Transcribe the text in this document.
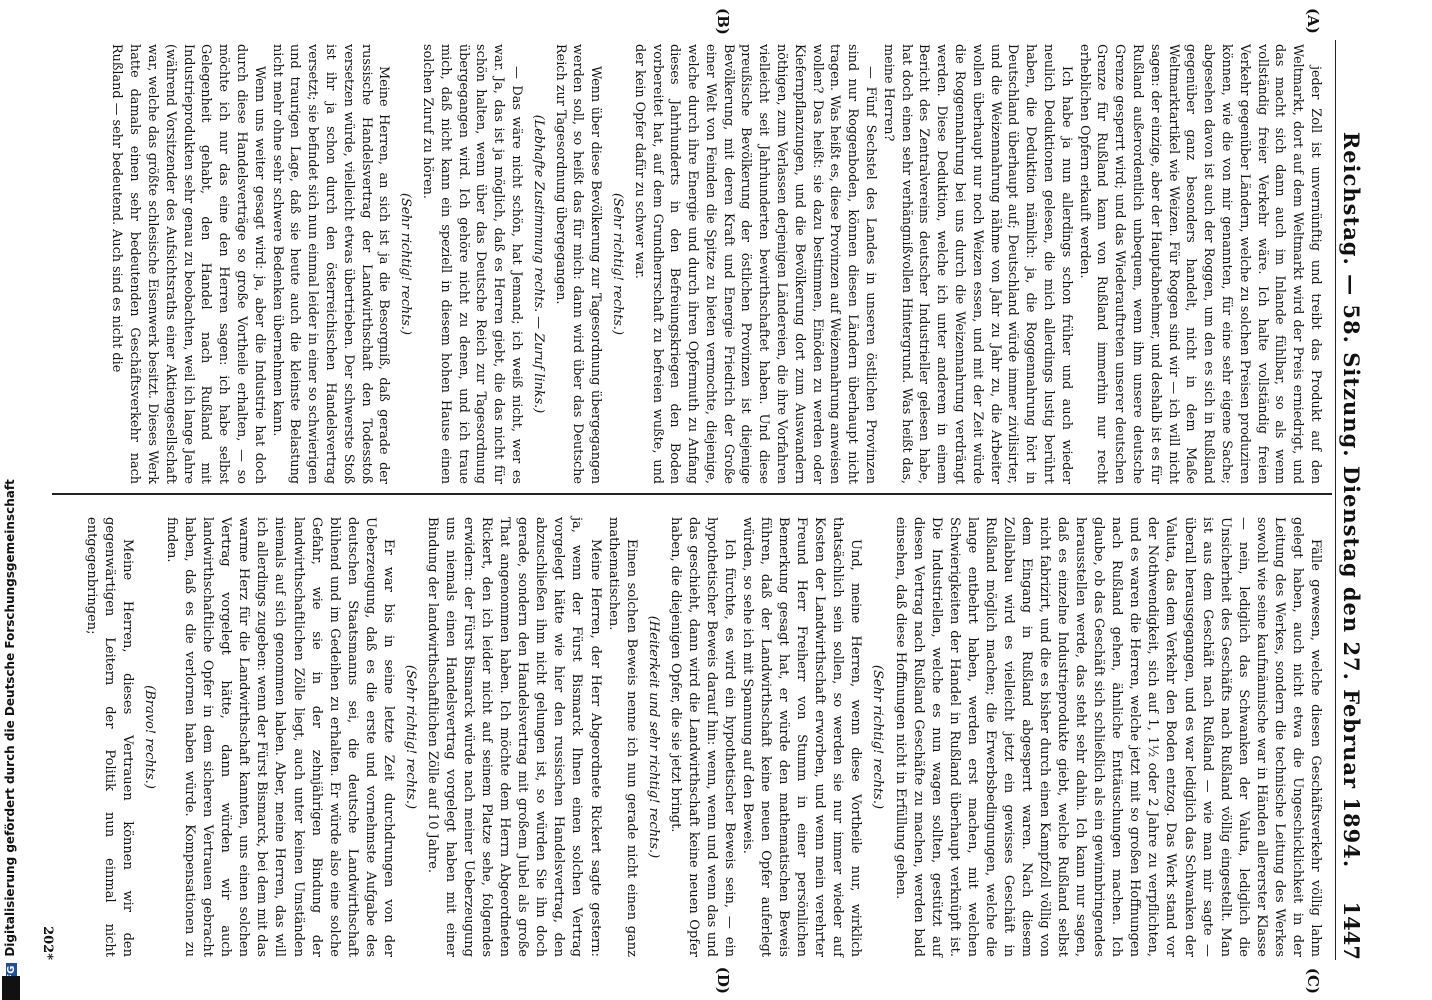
Reichstag. — 58. Sitzung. Dienstag den 27. Februar 1894.
1447
(A)
(B)
(C)
(D)

jeder Zoll ist unvernünftig und treibt das Produkt auf den Weltmarkt, dort auf dem Weltmarkt wird der Preis erniedrigt, und das macht sich dann auch im Inlande fühlbar, so als wenn vollständig freier Verkehr wäre. Ich halte vollständig freien Verkehr gegenüber Ländern, welche zu solchen Preisen produziren können, wie die von mir genannten, für eine sehr eigene Sache; abgesehen davon ist auch der Roggen, um den es sich in Rußland gegenüber ganz besonders handelt, nicht in dem Maße Weltmarktartikel wie Weizen. Für Roggen sind wir — ich will nicht sagen: der einzige, aber der Hauptabnehmer, und deshalb ist es für Rußland außerordentlich unbequem, wenn ihm unsere deutsche Grenze gesperrt wird; und das Wiederauftreten unserer deutschen Grenze für Rußland kann von Rußland immerhin nur recht erheblichen Opfern erkauft werden.

Ich habe ja nun allerdings schon früher und auch wieder neulich Deduktionen gelesen, die mich allerdings lustig berührt haben, die Deduktion nämlich: ja, die Roggennahrung hört in Deutschland überhaupt auf; Deutschland würde immer zivilisirter, und die Weizennahrung nähme von Jahr zu Jahr zu, die Arbeiter wollen überhaupt nur noch Weizen essen, und mit der Zeit würde die Roggennahrung bei uns durch die Weizennahrung verdrängt werden. Diese Deduktion, welche ich unter anderem in einem Bericht des Zentralvereins deutscher Industrieller gelesen habe, hat doch einen sehr verhängnißvollen Hintergrund. Was heißt das, meine Herren?

— Fünf Sechstel des Landes in unseren östlichen Provinzen sind nur Roggenboden, können diesen Ländern überhaupt nicht tragen. Was heißt es, diese Provinzen auf Weizennahrung anweisen wollen? Das heißt: sie dazu bestimmen, Einöden zu werden oder Kiefernpflanzungen, und die Bevölkerung dort zum Auswandern nöthigen, zum Verlassen derjenigen Ländereien, die ihre Vorfahren vielleicht seit Jahrhunderten bewirthschaftet haben. Und diese preußische Bevölkerung der östlichen Provinzen ist diejenige Bevölkerung, mit deren Kraft und Energie Friedrich der Große einer Welt von Feinden die Spitze zu bieten vermochte, diejenige, welche durch ihre Energie und durch ihren Opfermuth zu Anfang dieses Jahrhunderts in den Befreiungskriegen den Boden vorbereitet hat, auf dem Grundherrschaft zu befreien wußte, und der kein Opfer dafür zu schwer war.

(Sehr richtig! rechts.)

Wenn über diese Bevölkerung zur Tagesordnung übergegangen werden soll, so heißt das für mich: dann wird über das Deutsche Reich zur Tagesordnung übergegangen.

(Lebhafte Zustimmung rechts. — Zuruf links.)

— Das wäre nicht schön, hat Jemand; ich weiß nicht, wer es war. Ja, das ist ja möglich, daß es Herren giebt, die das nicht für schön halten, wenn über das Deutsche Reich zur Tagesordnung übergegangen wird. Ich gehöre nicht zu denen, und ich traue mich, daß nicht kann ein speziell in diesem hohen Hause einen solchen Zuruf zu hören.

(Sehr richtig! rechts.)

Meine Herren, an sich ist ja die Besorgniß, daß gerade der russische Handelsvertrag der Landwirthschaft den Todesstoß versetzen würde, vielleicht etwas übertrieben. Der schwerste Stoß ist ihr ja schon durch den österreichischen Handelsvertrag versetzt; sie befindet sich nun einmal leider in einer so schwierigen und traurigen Lage, daß sie heute auch die kleinste Belastung nicht mehr ohne sehr schwere Bedenken übernehmen kann.

Wenn uns weiter gesagt wird: ja, aber die Industrie hat doch durch diese Handelsverträge so große Vortheile erhalten, — so möchte ich nur das eine den Herren sagen: ich habe selbst Gelegenheit gehabt, den Handel nach Rußland mit Industrieprodukten sehr genau zu beobachten, weil ich lange Jahre (während Vorsitzender des Aufsichtsraths einer Aktiengesellschaft war, welche das größte schlesische Eisenwerk besitzt. Dieses Werk hatte damals einen sehr bedeutenden Geschäftsverkehr nach Rußland — sehr bedeutend. Auch sind es nicht die

Fälle gewesen, welche diesen Geschäftsverkehr völlig lahm gelegt haben, auch nicht etwa die Ungeschicklichkeit in der Leitung des Werkes, sondern die technische Leitung des Werkes sowohl wie seine kaufmännische war in Händen allererster Klasse — nein, lediglich das Schwanken der Valuta, lediglich die Unsicherheit des Geschäfts nach Rußland völlig eingestellt. Man ist aus dem Geschäft nach Rußland — wie man mir sagte — überall herausgegangen, und es war lediglich das Schwanken der Valuta, das dem Verkehr den Boden entzog. Das Werk stand vor der Nothwendigkeit, sich auf 1, 1½ oder 2 Jahre zu verpflichten, und es waren die Herren, welche jetzt mit so großen Hoffnungen nach Rußland gehen, ähnliche Enttäuschungen machen. Ich glaube, ob das Geschäft sich schließlich als ein gewinnbringendes herausstellen werde, das steht sehr dahin. Ich kann nur sagen, daß es einzelne Industrieprodukte giebt, welche Rußland selbst nicht fabrizirt, und die es bisher durch einen Kampfzoll völlig von dem Eingang in Rußland abgesperrt waren. Nach diesem Zollabbau wird es vielleicht jetzt ein gewisses Geschäft in Rußland möglich machen; die Erwerbsbedingungen, welche die lange entbehrt haben, werden erst machen, mit welchen Schwierigkeiten der Handel in Rußland überhaupt verknüpft ist. Die Industriellen, welche es nun wagen sollten, gestützt auf diesen Vertrag nach Rußland Geschäfte zu machen, werden bald einsehen, daß diese Hoffnungen nicht in Erfüllung gehen.

(Sehr richtig! rechts.)

Und, meine Herren, wenn diese Vortheile nur, wirklich thatsächlich sein sollen, so werden sie nur immer wieder auf Kosten der Landwirthschaft erworben, und wenn mein verehrter Freund Herr Freiherr von Stumm in einer persönlichen Bemerkung gesagt hat, er würde den mathematischen Beweis führen, daß der Landwirthschaft keine neuen Opfer auferlegt würden, so sehe ich mit Spannung auf den Beweis.

Ich fürchte, es wird ein hypothetischer Beweis sein, — ein hypothetischer Beweis darauf hin: wenn, wenn und wenn das und das geschieht, dann wird die Landwirthschaft keine neuen Opfer haben, die diejenigen Opfer, die sie jetzt bringt.

(Heiterkeit und sehr richtig! rechts.)

Einen solchen Beweis nenne ich nun gerade nicht einen ganz mathematischen.

Meine Herren, der Herr Abgeordnete Rickert sagte gestern: ja, wenn der Fürst Bismarck Ihnen einen solchen Vertrag vorgelegt hätte wie hier den russischen Handelsvertrag, den abzuschließen ihm nicht gelungen ist, so würden Sie ihn doch gerade, sondern den Handelsvertrag mit großem Jubel als große That angenommen haben. Ich möchte dem Herrn Abgeordneten Rickert, den ich leider nicht auf seinem Platze sehe, folgendes erwidern: der Fürst Bismarck würde nach meiner Ueberzeugung uns niemals einen Handelsvertrag vorgelegt haben mit einer Bindung der landwirthschaftlichen Zölle auf 10 Jahre.

(Sehr richtig! rechts.)

Er war bis in seine letzte Zeit durchdrungen von der Ueberzeugung, daß es die erste und vornehmste Aufgabe des deutschen Staatsmanns sei, die deutsche Landwirthschaft blühend und im Gedeihen zu erhalten. Er würde also eine solche Gefahr, wie sie in der zehnjährigen Bindung der landwirthschaftlichen Zölle liegt, auch unter keinen Umständen niemals auf sich genommen haben. Aber, meine Herren, das will ich allerdings zugeben: wenn der Fürst Bismarck, bei dem mit das warme Herz für die Landwirthschaft kannten, uns einen solchen Vertrag vorgelegt hätte, dann würden wir auch landwirthschaftliche Opfer in dem sicheren Vertrauen gebracht haben, daß es die verlornen haben würde. Kompensationen zu finden.

(Bravo! rechts.)

Meine Herren, dieses Vertrauen können wir den gegenwärtigen Leitern der Politik nun einmal nicht entgegenbringen;

202*
Digitalisierung gefördert durch die Deutsche Forschungsgemeinschaft
